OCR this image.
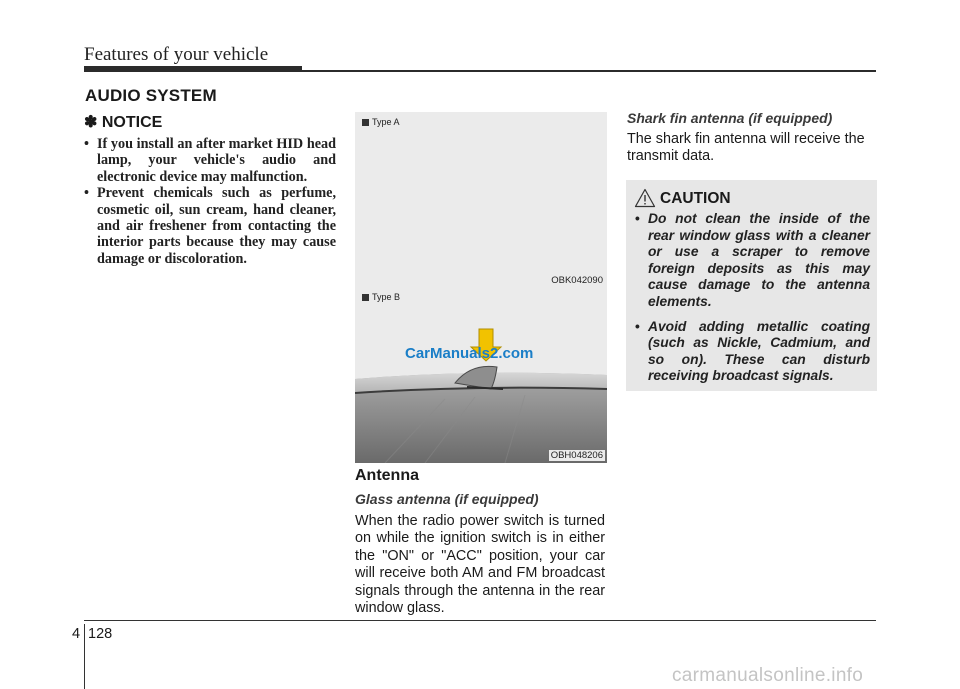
Features of your vehicle
AUDIO SYSTEM
✽ NOTICE
• If you install an after market HID head lamp, your vehicle's audio and electronic device may malfunction.
• Prevent chemicals such as perfume, cosmetic oil, sun cream, hand cleaner, and air freshener from contacting the interior parts because they may cause damage or discoloration.
Type A
OBK042090
CarManuals2.com
Type B
OBH048206
Antenna
Glass antenna (if equipped)
When the radio power switch is turned on while the ignition switch is in either the "ON" or "ACC" position, your car will receive both AM and FM broadcast signals through the antenna in the rear window glass.
Shark fin antenna (if equipped)
The shark fin antenna will receive the transmit data.
CAUTION
• Do not clean the inside of the rear window glass with a cleaner or use a scraper to remove foreign deposits as this may cause damage to the antenna elements.
• Avoid adding metallic coating (such as Nickle, Cadmium, and so on). These can disturb receiving broadcast signals.
4 128
carmanualsonline.info
